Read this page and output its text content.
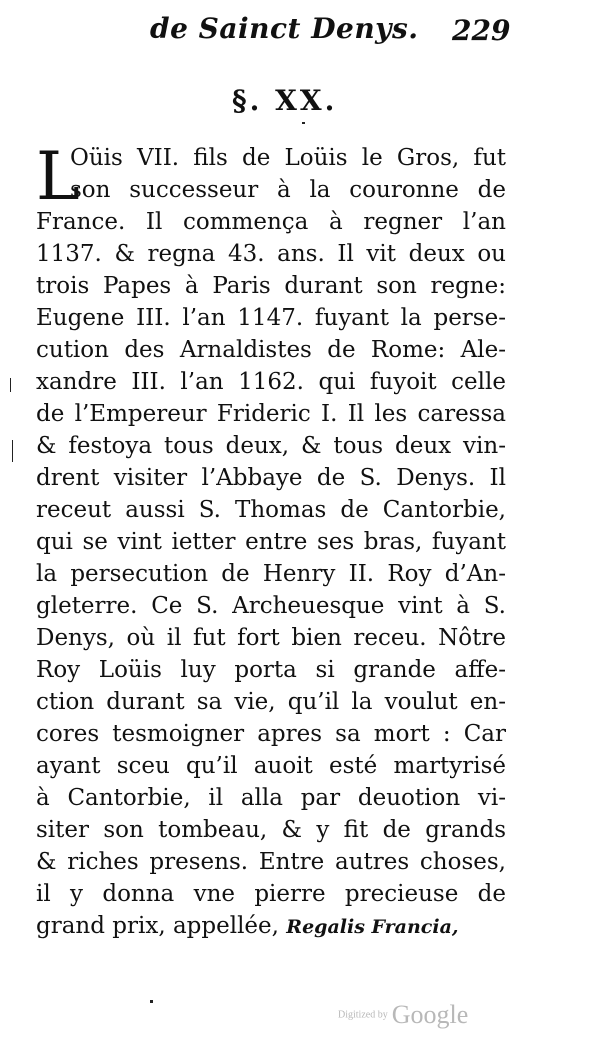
de Sainct Denys. 229
§. XX.
L
Oüis VII. fils de Loüis le Gros, fut
son successeur à la couronne de
France. Il commença à regner l’an
1137. & regna 43. ans. Il vit deux ou
trois Papes à Paris durant son regne:
Eugene III. l’an 1147. fuyant la perse-
cution des Arnaldistes de Rome: Ale-
xandre III. l’an 1162. qui fuyoit celle
de l’Empereur Frideric I. Il les caressa
& festoya tous deux, & tous deux vin-
drent visiter l’Abbaye de S. Denys. Il
receut aussi S. Thomas de Cantorbie,
qui se vint ietter entre ses bras, fuyant
la persecution de Henry II. Roy d’An-
gleterre. Ce S. Archeuesque vint à S.
Denys, où il fut fort bien receu. Nôtre
Roy Loüis luy porta si grande affe-
ction durant sa vie, qu’il la voulut en-
cores tesmoigner apres sa mort : Car
ayant sceu qu’il auoit esté martyrisé
à Cantorbie, il alla par deuotion vi-
siter son tombeau, & y fit de grands
& riches presens. Entre autres choses,
il y donna vne pierre precieuse de
grand prix, appellée, Regalis Francia,
Digitized by Google
